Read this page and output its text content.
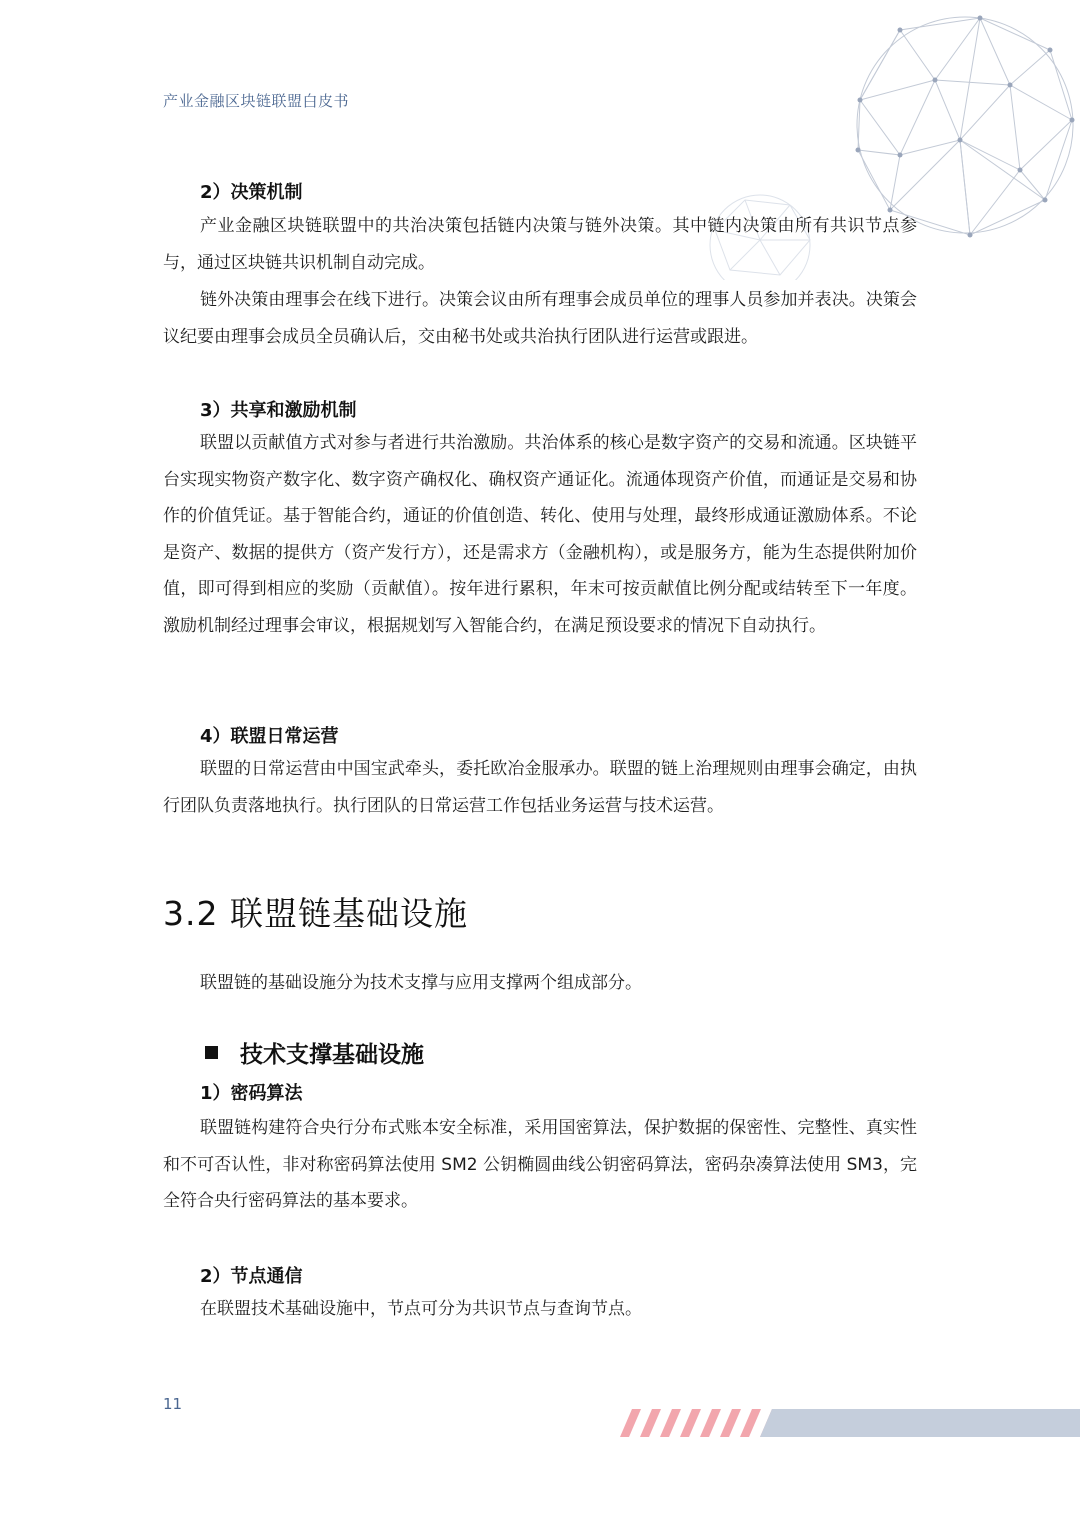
产业金融区块链联盟白皮书
2）决策机制

产业金融区块链联盟中的共治决策包括链内决策与链外决策。其中链内决策由所有共识节点参与，通过区块链共识机制自动完成。

链外决策由理事会在线下进行。决策会议由所有理事会成员单位的理事人员参加并表决。决策会议纪要由理事会成员全员确认后，交由秘书处或共治执行团队进行运营或跟进。

3）共享和激励机制

联盟以贡献值方式对参与者进行共治激励。共治体系的核心是数字资产的交易和流通。区块链平台实现实物资产数字化、数字资产确权化、确权资产通证化。流通体现资产价值，而通证是交易和协作的价值凭证。基于智能合约，通证的价值创造、转化、使用与处理，最终形成通证激励体系。不论是资产、数据的提供方（资产发行方），还是需求方（金融机构），或是服务方，能为生态提供附加价值，即可得到相应的奖励（贡献值）。按年进行累积，年末可按贡献值比例分配或结转至下一年度。激励机制经过理事会审议，根据规划写入智能合约，在满足预设要求的情况下自动执行。

4）联盟日常运营

联盟的日常运营由中国宝武牵头，委托欧冶金服承办。联盟的链上治理规则由理事会确定，由执行团队负责落地执行。执行团队的日常运营工作包括业务运营与技术运营。

3.2 联盟链基础设施

联盟链的基础设施分为技术支撑与应用支撑两个组成部分。

技术支撑基础设施
1）密码算法

联盟链构建符合央行分布式账本安全标准，采用国密算法，保护数据的保密性、完整性、真实性和不可否认性，非对称密码算法使用 SM2 公钥椭圆曲线公钥密码算法，密码杂凑算法使用 SM3，完全符合央行密码算法的基本要求。

2）节点通信

在联盟技术基础设施中，节点可分为共识节点与查询节点。

11
